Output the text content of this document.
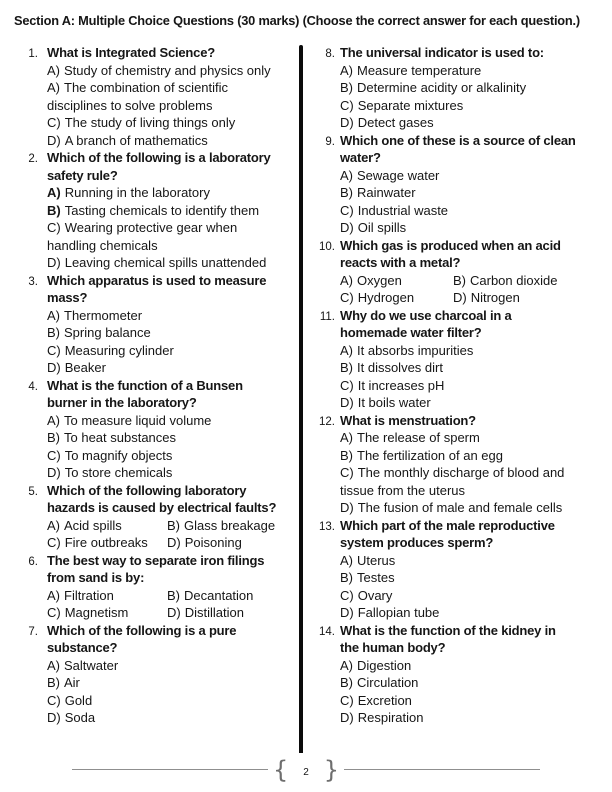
Section A: Multiple Choice Questions (30 marks) (Choose the correct answer for each question.)
1. What is Integrated Science?
A) Study of chemistry and physics only
A) The combination of scientific
disciplines to solve problems
C) The study of living things only
D) A branch of mathematics
2. Which of the following is a laboratory
safety rule?
A) Running in the laboratory
B) Tasting chemicals to identify them
C) Wearing protective gear when
handling chemicals
D) Leaving chemical spills unattended
3. Which apparatus is used to measure
mass?
A) Thermometer
B) Spring balance
C) Measuring cylinder
D) Beaker
4. What is the function of a Bunsen
burner in the laboratory?
A) To measure liquid volume
B) To heat substances
C) To magnify objects
D) To store chemicals
5. Which of the following laboratory
hazards is caused by electrical faults?
A) Acid spills	B) Glass breakage
C) Fire outbreaks	D) Poisoning
6. The best way to separate iron filings
from sand is by:
A) Filtration	B) Decantation
C) Magnetism	D) Distillation
7. Which of the following is a pure
substance?
A) Saltwater
B) Air
C) Gold
D) Soda
8. The universal indicator is used to:
A) Measure temperature
B) Determine acidity or alkalinity
C) Separate mixtures
D) Detect gases
9. Which one of these is a source of clean
water?
A) Sewage water
B) Rainwater
C) Industrial waste
D) Oil spills
10. Which gas is produced when an acid
reacts with a metal?
A) Oxygen	B) Carbon dioxide
C) Hydrogen	D) Nitrogen
11. Why do we use charcoal in a
homemade water filter?
A) It absorbs impurities
B) It dissolves dirt
C) It increases pH
D) It boils water
12. What is menstruation?
A) The release of sperm
B) The fertilization of an egg
C) The monthly discharge of blood and
tissue from the uterus
D) The fusion of male and female cells
13. Which part of the male reproductive
system produces sperm?
A) Uterus
B) Testes
C) Ovary
D) Fallopian tube
14. What is the function of the kidney in
the human body?
A) Digestion
B) Circulation
C) Excretion
D) Respiration
{ 2 }
